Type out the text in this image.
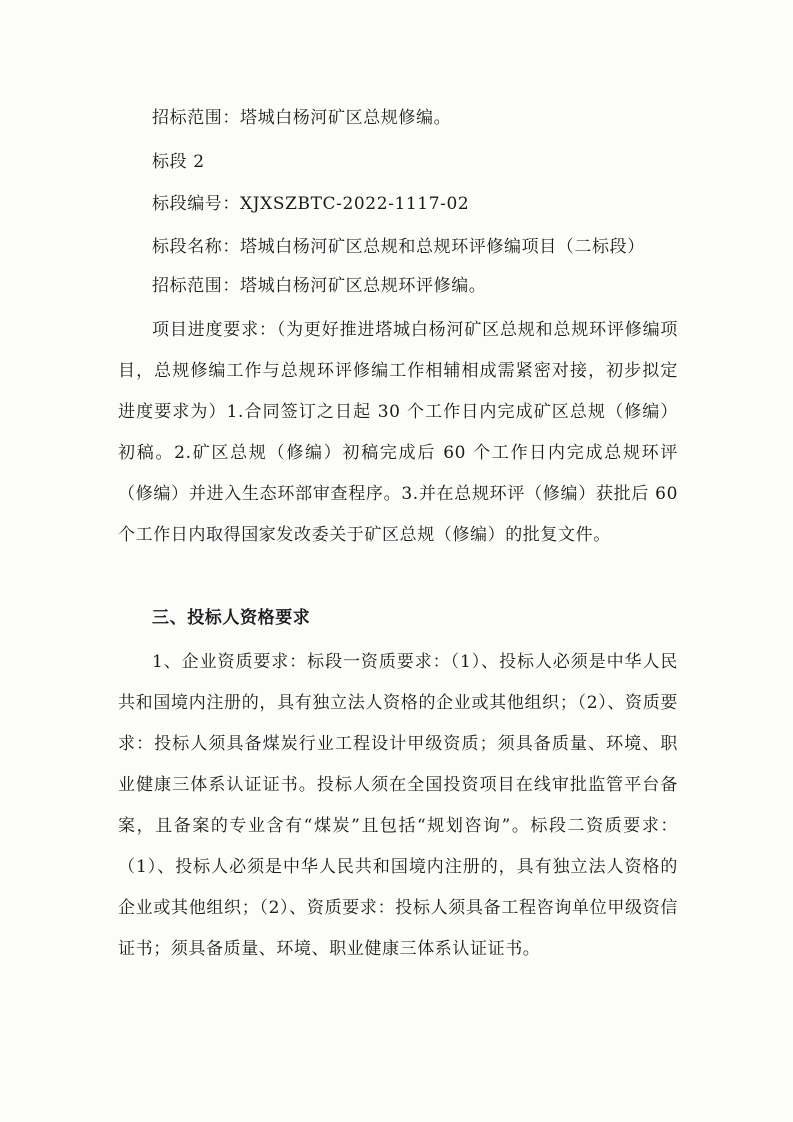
招标范围：塔城白杨河矿区总规修编。
标段 2
标段编号：XJXSZBTC-2022-1117-02
标段名称：塔城白杨河矿区总规和总规环评修编项目（二标段）
招标范围：塔城白杨河矿区总规环评修编。
项目进度要求：（为更好推进塔城白杨河矿区总规和总规环评修编项目，总规修编工作与总规环评修编工作相辅相成需紧密对接，初步拟定进度要求为）1.合同签订之日起 30 个工作日内完成矿区总规（修编）初稿。2.矿区总规（修编）初稿完成后 60 个工作日内完成总规环评（修编）并进入生态环部审查程序。3.并在总规环评（修编）获批后 60 个工作日内取得国家发改委关于矿区总规（修编）的批复文件。
三、投标人资格要求
1、企业资质要求：标段一资质要求：（1）、投标人必须是中华人民共和国境内注册的，具有独立法人资格的企业或其他组织；（2）、资质要求：投标人须具备煤炭行业工程设计甲级资质；须具备质量、环境、职业健康三体系认证证书。投标人须在全国投资项目在线审批监管平台备案，且备案的专业含有“煤炭”且包括“规划咨询”。标段二资质要求：（1）、投标人必须是中华人民共和国境内注册的，具有独立法人资格的企业或其他组织；（2）、资质要求：投标人须具备工程咨询单位甲级资信证书；须具备质量、环境、职业健康三体系认证证书。
